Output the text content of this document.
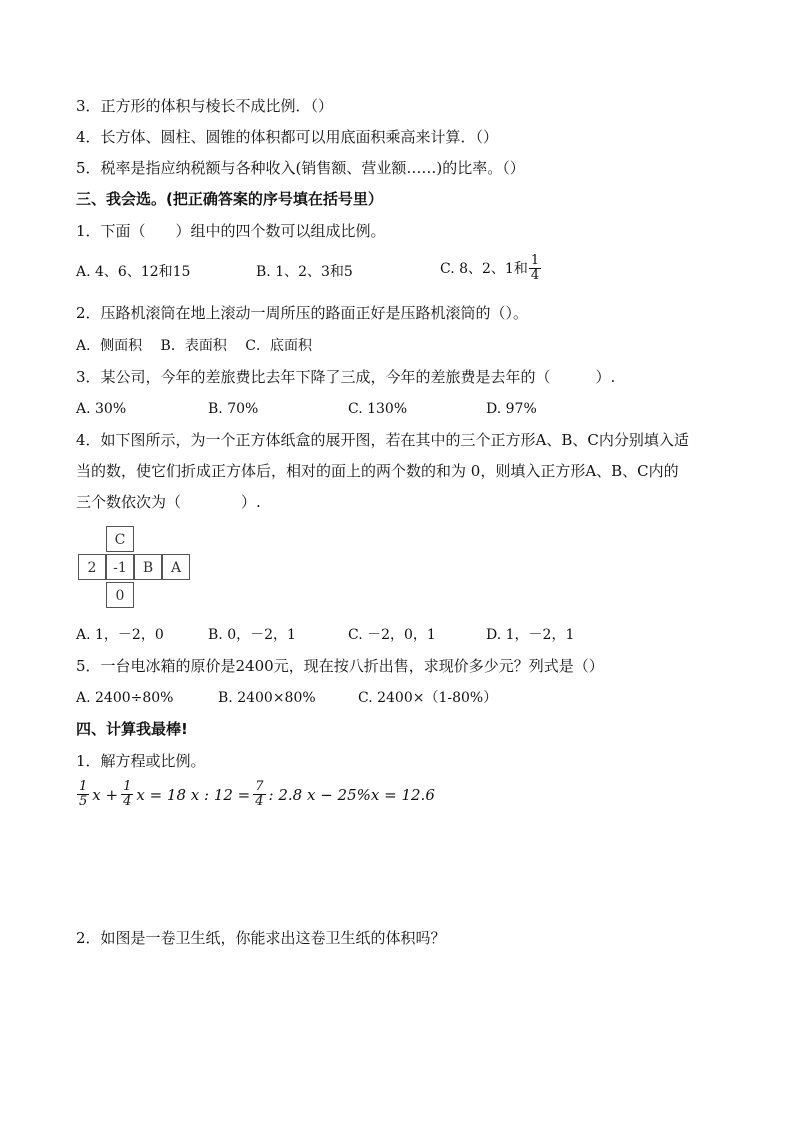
3．正方形的体积与棱长不成比例．（）
4．长方体、圆柱、圆锥的体积都可以用底面积乘高来计算．（）
5．税率是指应纳税额与各种收入(销售额、营业额……)的比率。（）
三、我会选。(把正确答案的序号填在括号里）
1．下面（　　）组中的四个数可以组成比例。
A. 4、6、12和15	B. 1、2、3和5	C. 8、2、1和 $\frac{1}{4}$
2．压路机滚筒在地上滚动一周所压的路面正好是压路机滚筒的（）。
A．侧面积　 B．表面积　 C．底面积
3．某公司，今年的差旅费比去年下降了三成，今年的差旅费是去年的（　　　）.
A. 30%	B. 70%	C. 130%	D. 97%
4．如下图所示，为一个正方体纸盒的展开图，若在其中的三个正方形A、B、C内分别填入适
当的数，使它们折成正方体后，相对的面上的两个数的和为 0，则填入正方形A、B、C内的
三个数依次为（　　　　）.
C
2	-1	B	A
0
A. 1，－2，0	B. 0，－2，1	C. －2，0，1	D. 1，－2，1
5．一台电冰箱的原价是2400元，现在按八折出售，求现价多少元？列式是（）
A. 2400÷80%	B. 2400×80%	C. 2400×（1-80%）
四、计算我最棒!
1．解方程或比例。
$\frac{1}{5}$ $x + \frac{1}{4}$ x = 18 x : $12 = \frac{7}{4}$ : 2.8 x − 25%x = 12.6
2．如图是一卷卫生纸，你能求出这卷卫生纸的体积吗？
